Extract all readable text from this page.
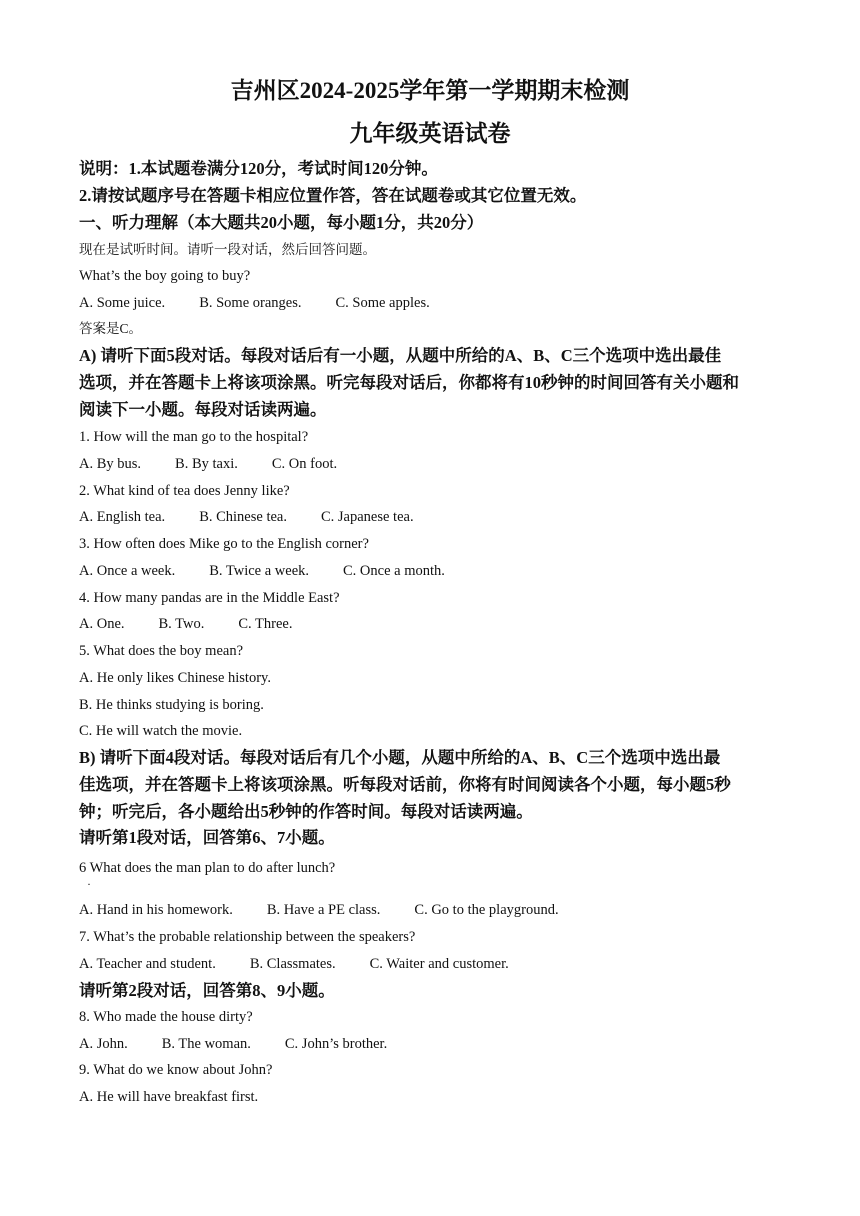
吉州区2024-2025学年第一学期期末检测
九年级英语试卷
说明：1.本试题卷满分120分，考试时间120分钟。
2.请按试题序号在答题卡相应位置作答，答在试题卷或其它位置无效。
一、听力理解（本大题共20小题，每小题1分，共20分）
现在是试听时间。请听一段对话，然后回答问题。
What’s the boy going to buy?
A. Some juice. B. Some oranges. C. Some apples.
答案是C。
A) 请听下面5段对话。每段对话后有一小题，从题中所给的A、B、C三个选项中选出最佳
选项，并在答题卡上将该项涂黑。听完每段对话后，你都将有10秒钟的时间回答有关小题和
阅读下一小题。每段对话读两遍。
1. How will the man go to the hospital?
A. By bus. B. By taxi. C. On foot.
2. What kind of tea does Jenny like?
A. English tea. B. Chinese tea. C. Japanese tea.
3. How often does Mike go to the English corner?
A. Once a week. B. Twice a week. C. Once a month.
4. How many pandas are in the Middle East?
A. One. B. Two. C. Three.
5. What does the boy mean?
A. He only likes Chinese history.
B. He thinks studying is boring.
C. He will watch the movie.
B) 请听下面4段对话。每段对话后有几个小题，从题中所给的A、B、C三个选项中选出最
佳选项，并在答题卡上将该项涂黑。听每段对话前，你将有时间阅读各个小题，每小题5秒
钟；听完后，各小题给出5秒钟的作答时间。每段对话读两遍。
请听第1段对话，回答第6、7小题。
6 What does the man plan to do after lunch?
·
A. Hand in his homework. B. Have a PE class. C. Go to the playground.
7. What’s the probable relationship between the speakers?
A. Teacher and student. B. Classmates. C. Waiter and customer.
请听第2段对话，回答第8、9小题。
8. Who made the house dirty?
A. John. B. The woman. C. John’s brother.
9. What do we know about John?
A. He will have breakfast first.
